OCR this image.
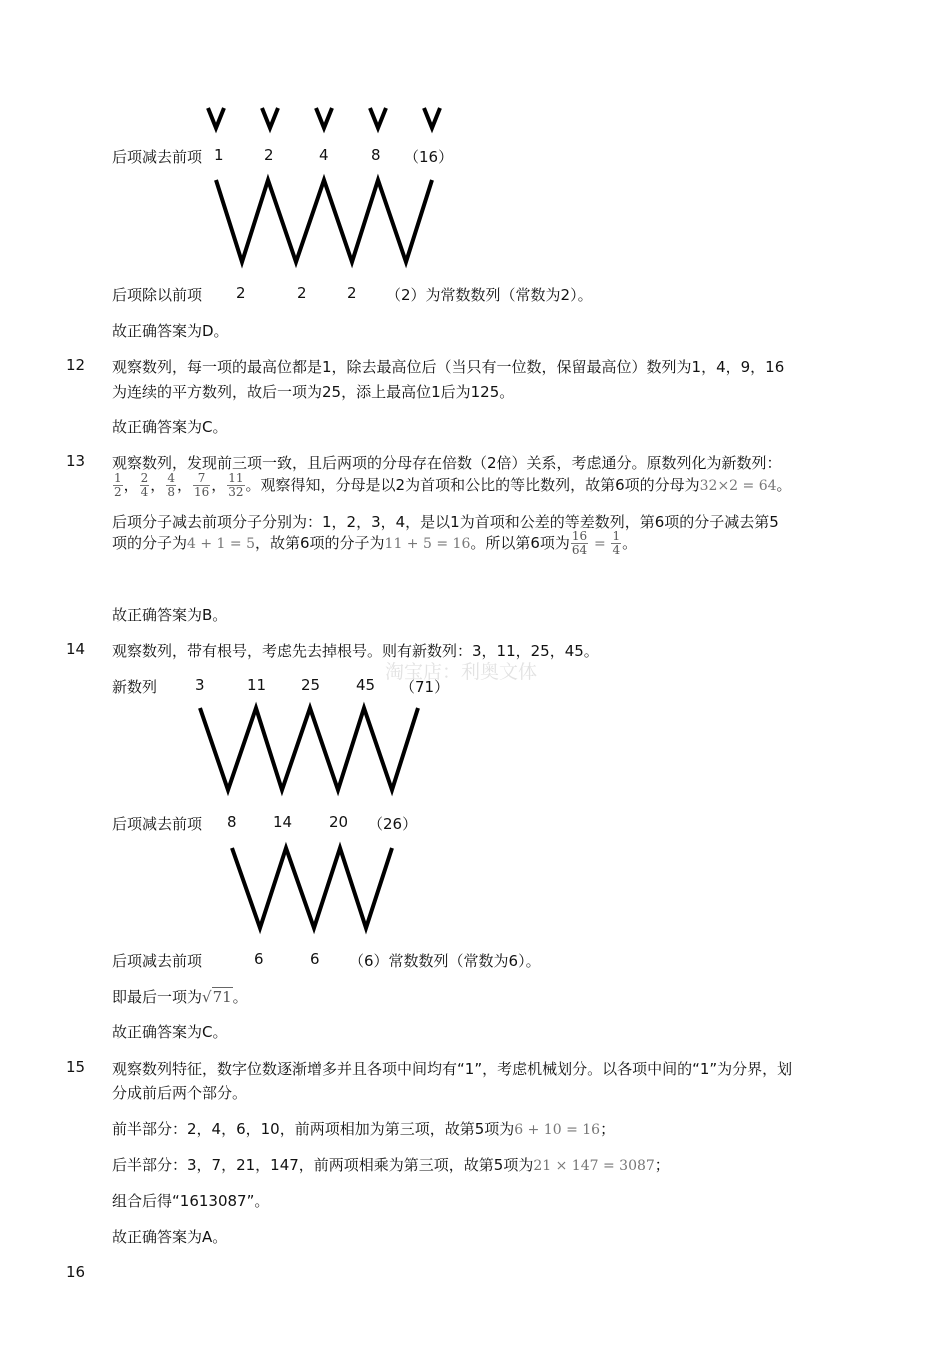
后项减去前项 1	2	4	8 （16）
后项除以前项 2	2	2 （2）为常数数列（常数为2）。
故正确答案为D。
12 观察数列，每一项的最高位都是1，除去最高位后（当只有一位数，保留最高位）数列为1，4，9，16
为连续的平方数列，故后一项为25，添上最高位1后为125。
故正确答案为C。
13 观察数列，发现前三项一致，且后两项的分母存在倍数（2倍）关系，考虑通分。原数列化为新数列：
$\frac{1}{2}$ ， $\frac{2}{4}$ ， $\frac{4}{8}$ ， $\frac{7}{16}$ ， $\frac{11}{32}$ 。观察得知，分母是以2为首项和公比的等比数列，故第6项的分母为32×2 = 64。
后项分子减去前项分子分别为：1，2，3，4，是以1为首项和公差的等差数列，第6项的分子减去第5
项的分子为4 + 1 = 5，故第6项的分子为11 + 5 = 16。所以第6项为 $\frac{16}{64} = \frac{1}{4}$ 。
故正确答案为B。
14 观察数列，带有根号，考虑先去掉根号。则有新数列：3，11，25，45。
淘宝店：利奥文体
新数列	3	11 25 45 （71）
后项减去前项 8 14 20 （26）
后项减去前项	6	6 （6）常数数列（常数为6）。
即最后一项为√71。
故正确答案为C。
15 观察数列特征，数字位数逐渐增多并且各项中间均有“1”，考虑机械划分。以各项中间的“1”为分界，划
分成前后两个部分。
前半部分：2，4，6，10，前两项相加为第三项，故第5项为6 + 10 = 16；
后半部分：3，7，21，147，前两项相乘为第三项，故第5项为21 × 147 = 3087；
组合后得“1613087”。
故正确答案为A。
16
